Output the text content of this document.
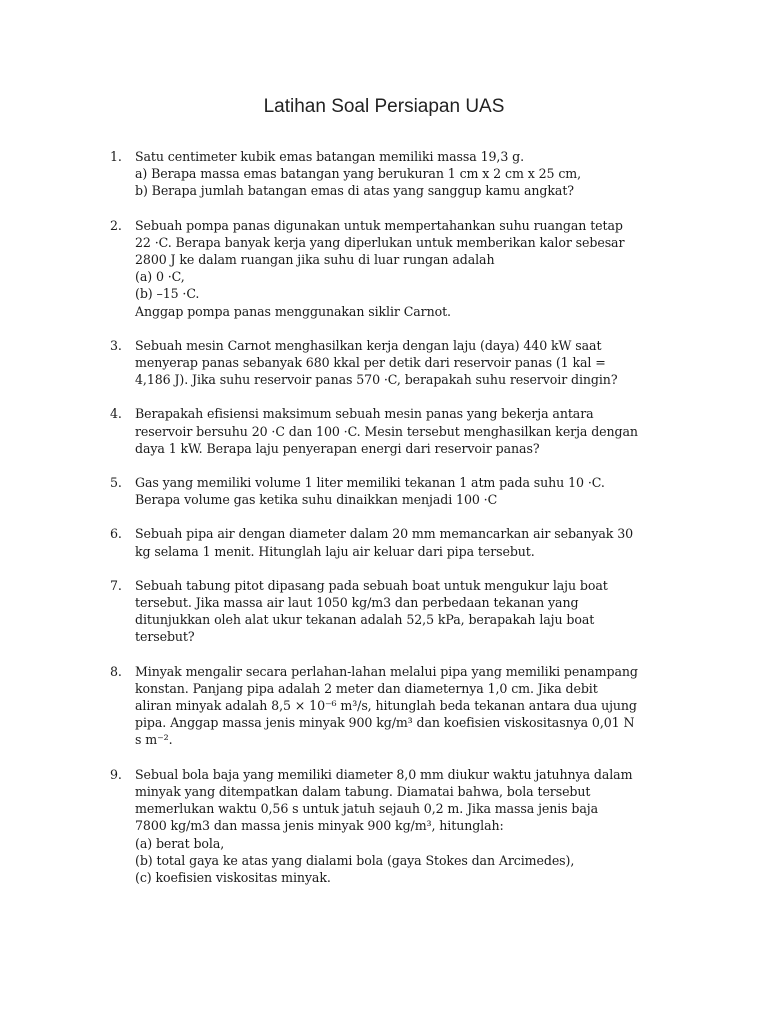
Latihan Soal Persiapan UAS
1.	Satu centimeter kubik emas batangan memiliki massa 19,3 g.
a) Berapa massa emas batangan yang berukuran 1 cm x 2 cm x 25 cm,
b) Berapa jumlah batangan emas di atas yang sanggup kamu angkat?
2.	Sebuah pompa panas digunakan untuk mempertahankan suhu ruangan tetap
22 ·C. Berapa banyak kerja yang diperlukan untuk memberikan kalor sebesar
2800 J ke dalam ruangan jika suhu di luar rungan adalah
(a) 0 ·C,
(b) –15 ·C.
Anggap pompa panas menggunakan siklir Carnot.
3.	Sebuah mesin Carnot menghasilkan kerja dengan laju (daya) 440 kW saat
menyerap panas sebanyak 680 kkal per detik dari reservoir panas (1 kal =
4,186 J). Jika suhu reservoir panas 570 ·C, berapakah suhu reservoir dingin?
4.	Berapakah efisiensi maksimum sebuah mesin panas yang bekerja antara
reservoir bersuhu 20 ·C dan 100 ·C. Mesin tersebut menghasilkan kerja dengan
daya 1 kW. Berapa laju penyerapan energi dari reservoir panas?
5.	Gas yang memiliki volume 1 liter memiliki tekanan 1 atm pada suhu 10 ·C.
Berapa volume gas ketika suhu dinaikkan menjadi 100 ·C
6.	Sebuah pipa air dengan diameter dalam 20 mm memancarkan air sebanyak 30
kg selama 1 menit. Hitunglah laju air keluar dari pipa tersebut.
7.	Sebuah tabung pitot dipasang pada sebuah boat untuk mengukur laju boat
tersebut. Jika massa air laut 1050 kg/m3 dan perbedaan tekanan yang
ditunjukkan oleh alat ukur tekanan adalah 52,5 kPa, berapakah laju boat
tersebut?
8.	Minyak mengalir secara perlahan-lahan melalui pipa yang memiliki penampang
konstan. Panjang pipa adalah 2 meter dan diameternya 1,0 cm. Jika debit
aliran minyak adalah 8,5 × 10⁻⁶ m³/s, hitunglah beda tekanan antara dua ujung
pipa. Anggap massa jenis minyak 900 kg/m³ dan koefisien viskositasnya 0,01 N
s m⁻².
9.	Sebual bola baja yang memiliki diameter 8,0 mm diukur waktu jatuhnya dalam
minyak yang ditempatkan dalam tabung. Diamatai bahwa, bola tersebut
memerlukan waktu 0,56 s untuk jatuh sejauh 0,2 m. Jika massa jenis baja
7800 kg/m3 dan massa jenis minyak 900 kg/m³, hitunglah:
(a) berat bola,
(b) total gaya ke atas yang dialami bola (gaya Stokes dan Arcimedes),
(c) koefisien viskositas minyak.
